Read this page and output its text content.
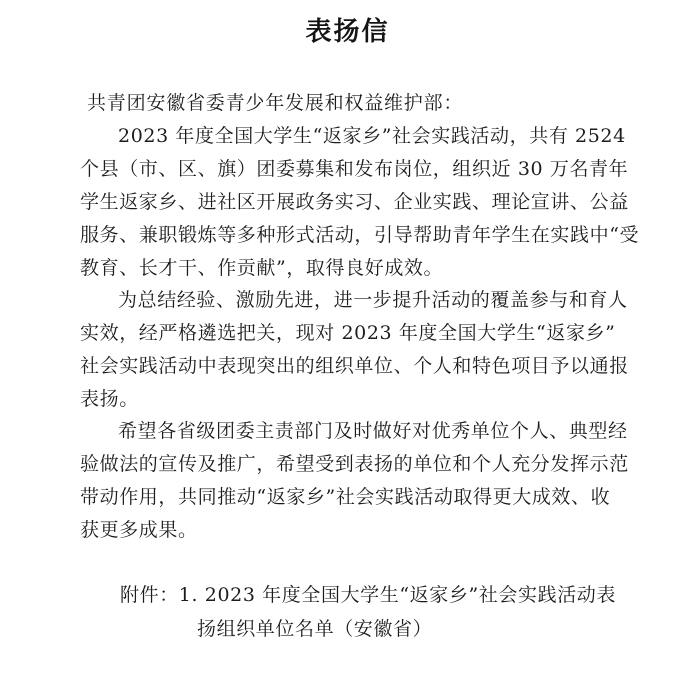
表扬信
共青团安徽省委青少年发展和权益维护部：
2023 年度全国大学生“返家乡”社会实践活动，共有 2524
个县（市、区、旗）团委募集和发布岗位，组织近 30 万名青年
学生返家乡、进社区开展政务实习、企业实践、理论宣讲、公益
服务、兼职锻炼等多种形式活动，引导帮助青年学生在实践中“受
教育、长才干、作贡献”，取得良好成效。
为总结经验、激励先进，进一步提升活动的覆盖参与和育人
实效，经严格遴选把关，现对 2023 年度全国大学生“返家乡”
社会实践活动中表现突出的组织单位、个人和特色项目予以通报
表扬。
希望各省级团委主责部门及时做好对优秀单位个人、典型经
验做法的宣传及推广，希望受到表扬的单位和个人充分发挥示范
带动作用，共同推动“返家乡”社会实践活动取得更大成效、收
获更多成果。
附件：1. 2023 年度全国大学生“返家乡”社会实践活动表
扬组织单位名单（安徽省）
